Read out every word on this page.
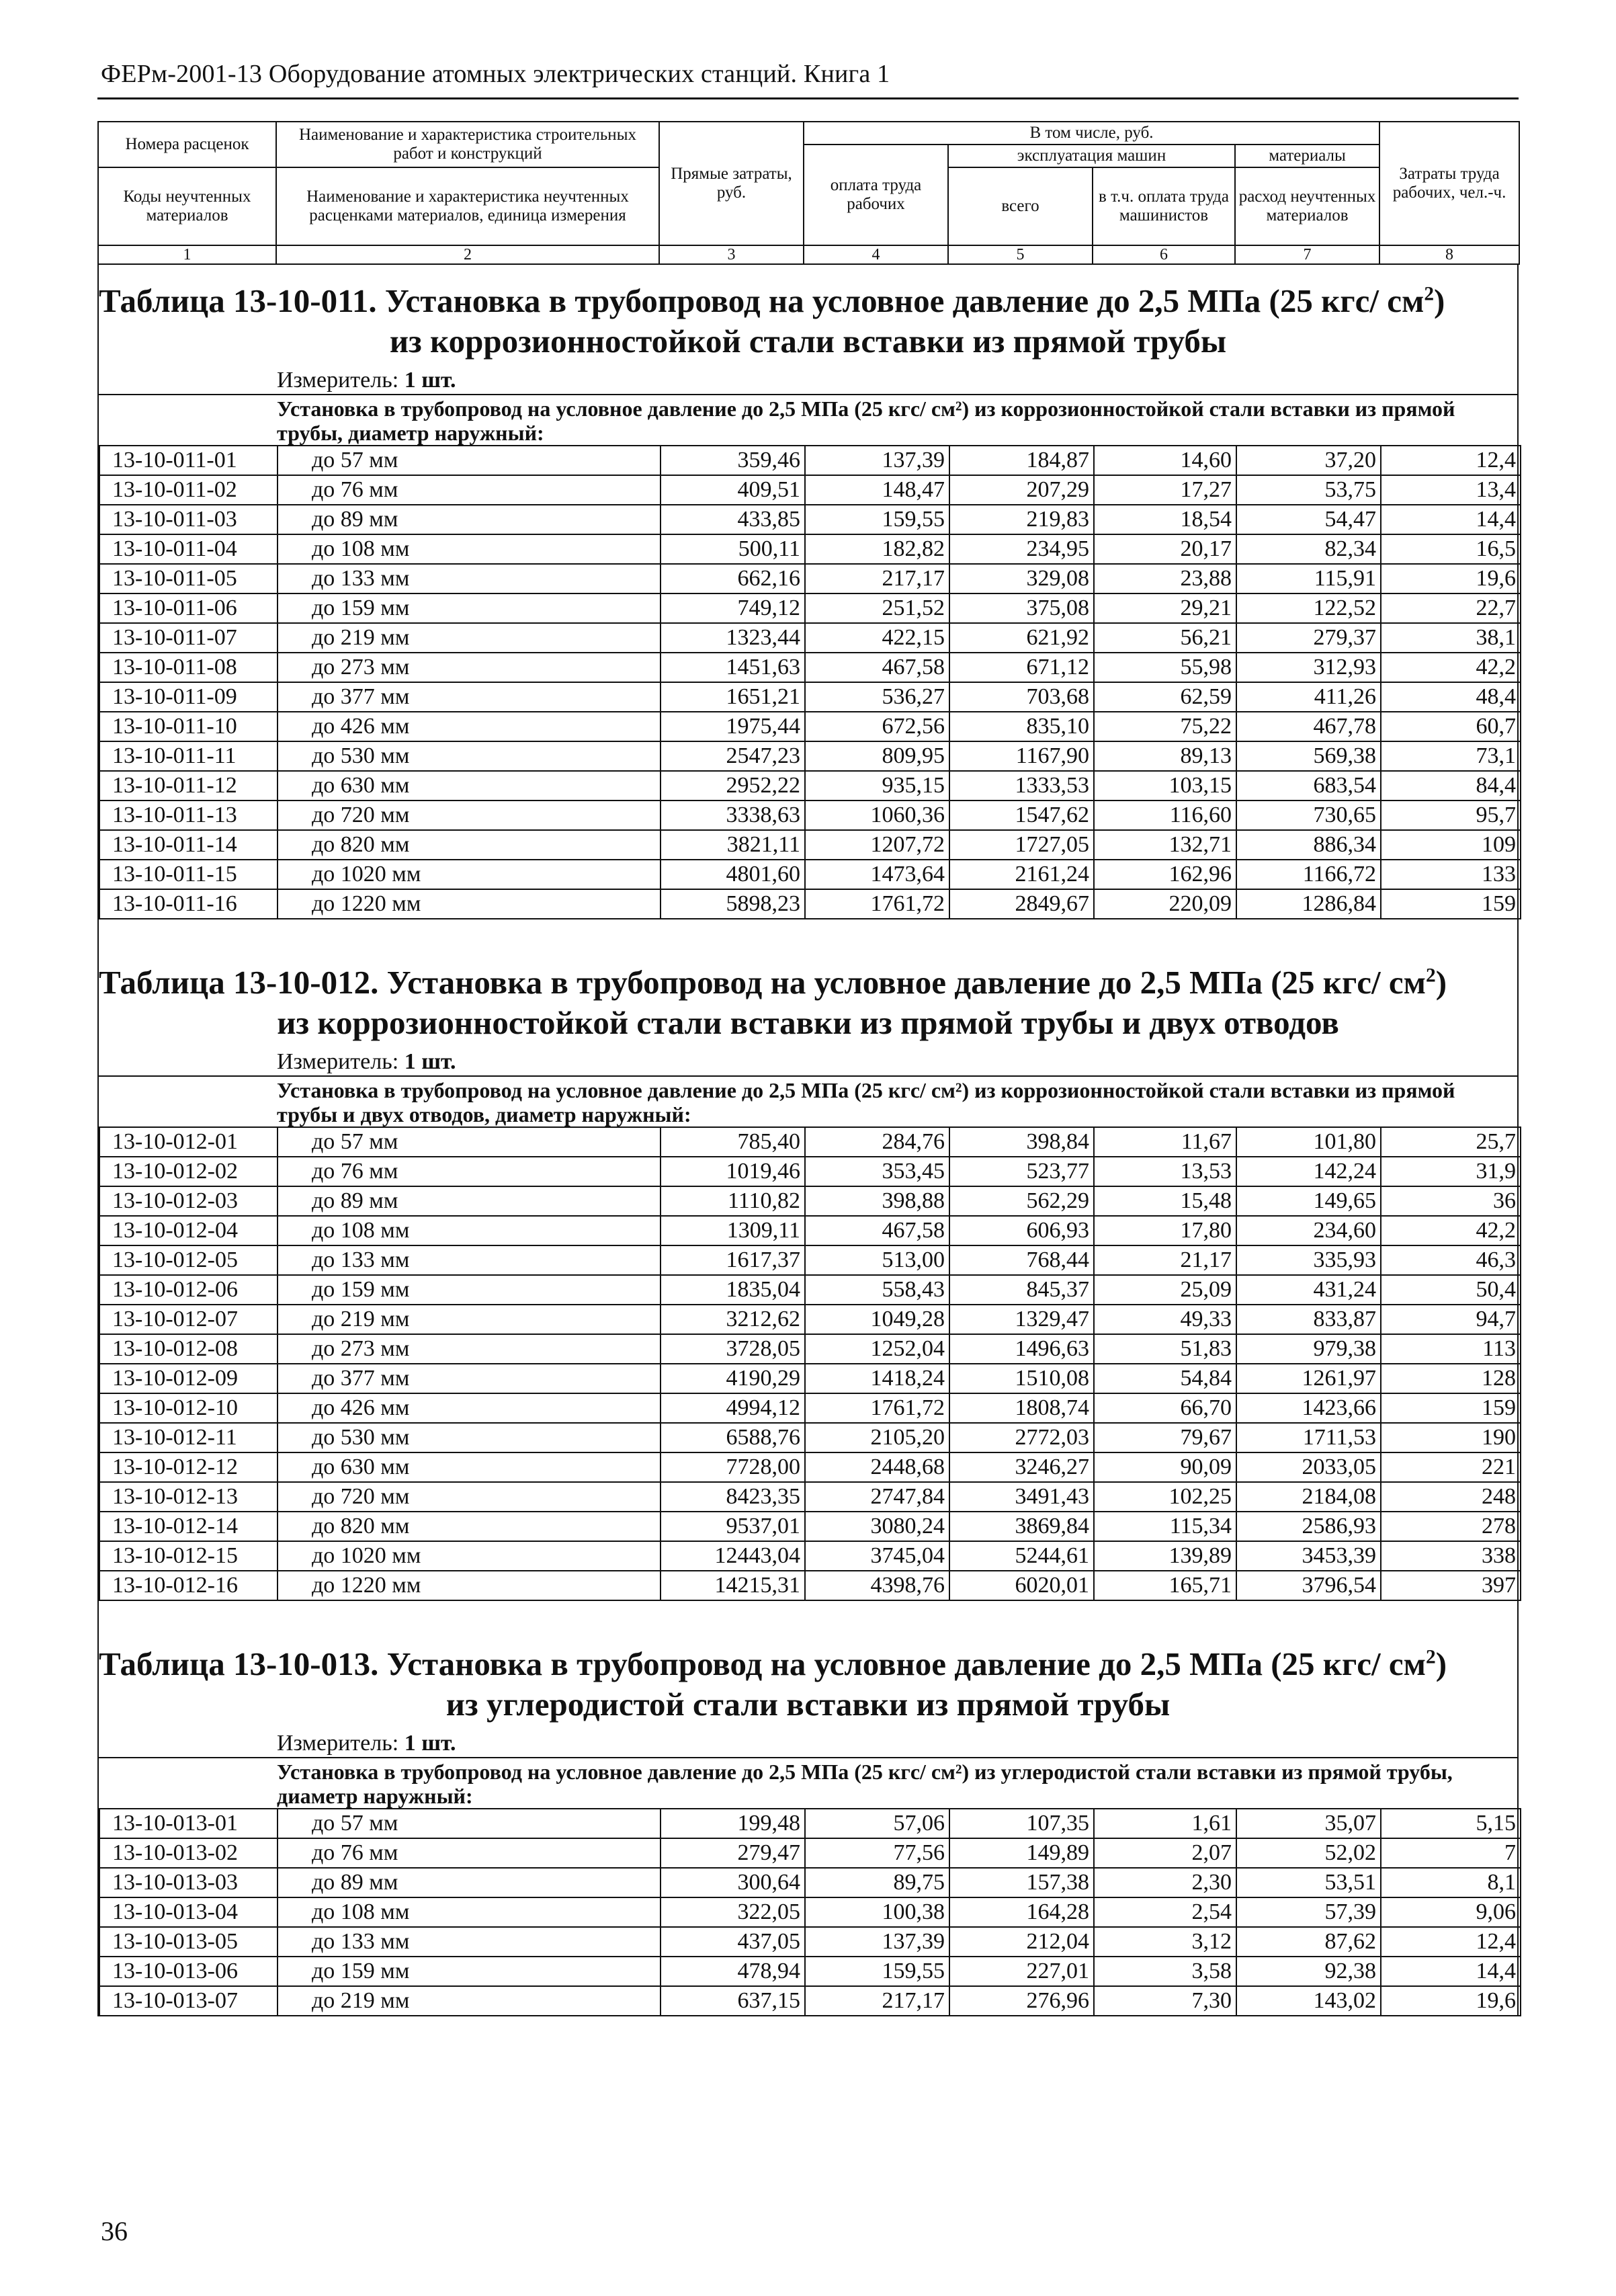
ФЕРм-2001-13 Оборудование атомных электрических станций. Книга 1
Номера расценок	Наименование и характеристика строительных работ и конструкций	Прямые затраты, руб.	В том числе, руб.				Затраты труда рабочих, чел.-ч.
			оплата труда рабочих	эксплуатация машин		материалы	
Коды неучтенных материалов	Наименование и характеристика неучтенных расценками материалов, единица измерения			всего	в т.ч. оплата труда машинистов	расход неучтенных материалов	

1	2	3	4	5	6	7	8
Таблица 13-10-011. Установка в трубопровод на условное давление до 2,5 МПа (25 кгс/ $см^2$)
из коррозионностойкой стали вставки из прямой трубы
Измеритель: 1 шт.
Установка в трубопровод на условное давление до 2,5 МПа (25 кгс/ см²) из коррозионностойкой стали вставки из прямой трубы, диаметр наружный:
13-10-011-01	до 57 мм	359,46	137,39	184,87	14,60	37,20	12,4
13-10-011-02	до 76 мм	409,51	148,47	207,29	17,27	53,75	13,4
13-10-011-03	до 89 мм	433,85	159,55	219,83	18,54	54,47	14,4
13-10-011-04	до 108 мм	500,11	182,82	234,95	20,17	82,34	16,5
13-10-011-05	до 133 мм	662,16	217,17	329,08	23,88	115,91	19,6
13-10-011-06	до 159 мм	749,12	251,52	375,08	29,21	122,52	22,7
13-10-011-07	до 219 мм	1323,44	422,15	621,92	56,21	279,37	38,1
13-10-011-08	до 273 мм	1451,63	467,58	671,12	55,98	312,93	42,2
13-10-011-09	до 377 мм	1651,21	536,27	703,68	62,59	411,26	48,4
13-10-011-10	до 426 мм	1975,44	672,56	835,10	75,22	467,78	60,7
13-10-011-11	до 530 мм	2547,23	809,95	1167,90	89,13	569,38	73,1
13-10-011-12	до 630 мм	2952,22	935,15	1333,53	103,15	683,54	84,4
13-10-011-13	до 720 мм	3338,63	1060,36	1547,62	116,60	730,65	95,7
13-10-011-14	до 820 мм	3821,11	1207,72	1727,05	132,71	886,34	109
13-10-011-15	до 1020 мм	4801,60	1473,64	2161,24	162,96	1166,72	133
13-10-011-16	до 1220 мм	5898,23	1761,72	2849,67	220,09	1286,84	159
Таблица 13-10-012. Установка в трубопровод на условное давление до 2,5 МПа (25 кгс/ $см^2$)
из коррозионностойкой стали вставки из прямой трубы и двух отводов
Измеритель: 1 шт.
Установка в трубопровод на условное давление до 2,5 МПа (25 кгс/ см²) из коррозионностойкой стали вставки из прямой трубы и двух отводов, диаметр наружный:
13-10-012-01	до 57 мм	785,40	284,76	398,84	11,67	101,80	25,7
13-10-012-02	до 76 мм	1019,46	353,45	523,77	13,53	142,24	31,9
13-10-012-03	до 89 мм	1110,82	398,88	562,29	15,48	149,65	36
13-10-012-04	до 108 мм	1309,11	467,58	606,93	17,80	234,60	42,2
13-10-012-05	до 133 мм	1617,37	513,00	768,44	21,17	335,93	46,3
13-10-012-06	до 159 мм	1835,04	558,43	845,37	25,09	431,24	50,4
13-10-012-07	до 219 мм	3212,62	1049,28	1329,47	49,33	833,87	94,7
13-10-012-08	до 273 мм	3728,05	1252,04	1496,63	51,83	979,38	113
13-10-012-09	до 377 мм	4190,29	1418,24	1510,08	54,84	1261,97	128
13-10-012-10	до 426 мм	4994,12	1761,72	1808,74	66,70	1423,66	159
13-10-012-11	до 530 мм	6588,76	2105,20	2772,03	79,67	1711,53	190
13-10-012-12	до 630 мм	7728,00	2448,68	3246,27	90,09	2033,05	221
13-10-012-13	до 720 мм	8423,35	2747,84	3491,43	102,25	2184,08	248
13-10-012-14	до 820 мм	9537,01	3080,24	3869,84	115,34	2586,93	278
13-10-012-15	до 1020 мм	12443,04	3745,04	5244,61	139,89	3453,39	338
13-10-012-16	до 1220 мм	14215,31	4398,76	6020,01	165,71	3796,54	397
Таблица 13-10-013. Установка в трубопровод на условное давление до 2,5 МПа (25 кгс/ $см^2$)
из углеродистой стали вставки из прямой трубы
Измеритель: 1 шт.
Установка в трубопровод на условное давление до 2,5 МПа (25 кгс/ см²) из углеродистой стали вставки из прямой трубы, диаметр наружный:
13-10-013-01	до 57 мм	199,48	57,06	107,35	1,61	35,07	5,15
13-10-013-02	до 76 мм	279,47	77,56	149,89	2,07	52,02	7
13-10-013-03	до 89 мм	300,64	89,75	157,38	2,30	53,51	8,1
13-10-013-04	до 108 мм	322,05	100,38	164,28	2,54	57,39	9,06
13-10-013-05	до 133 мм	437,05	137,39	212,04	3,12	87,62	12,4
13-10-013-06	до 159 мм	478,94	159,55	227,01	3,58	92,38	14,4
13-10-013-07	до 219 мм	637,15	217,17	276,96	7,30	143,02	19,6
36
